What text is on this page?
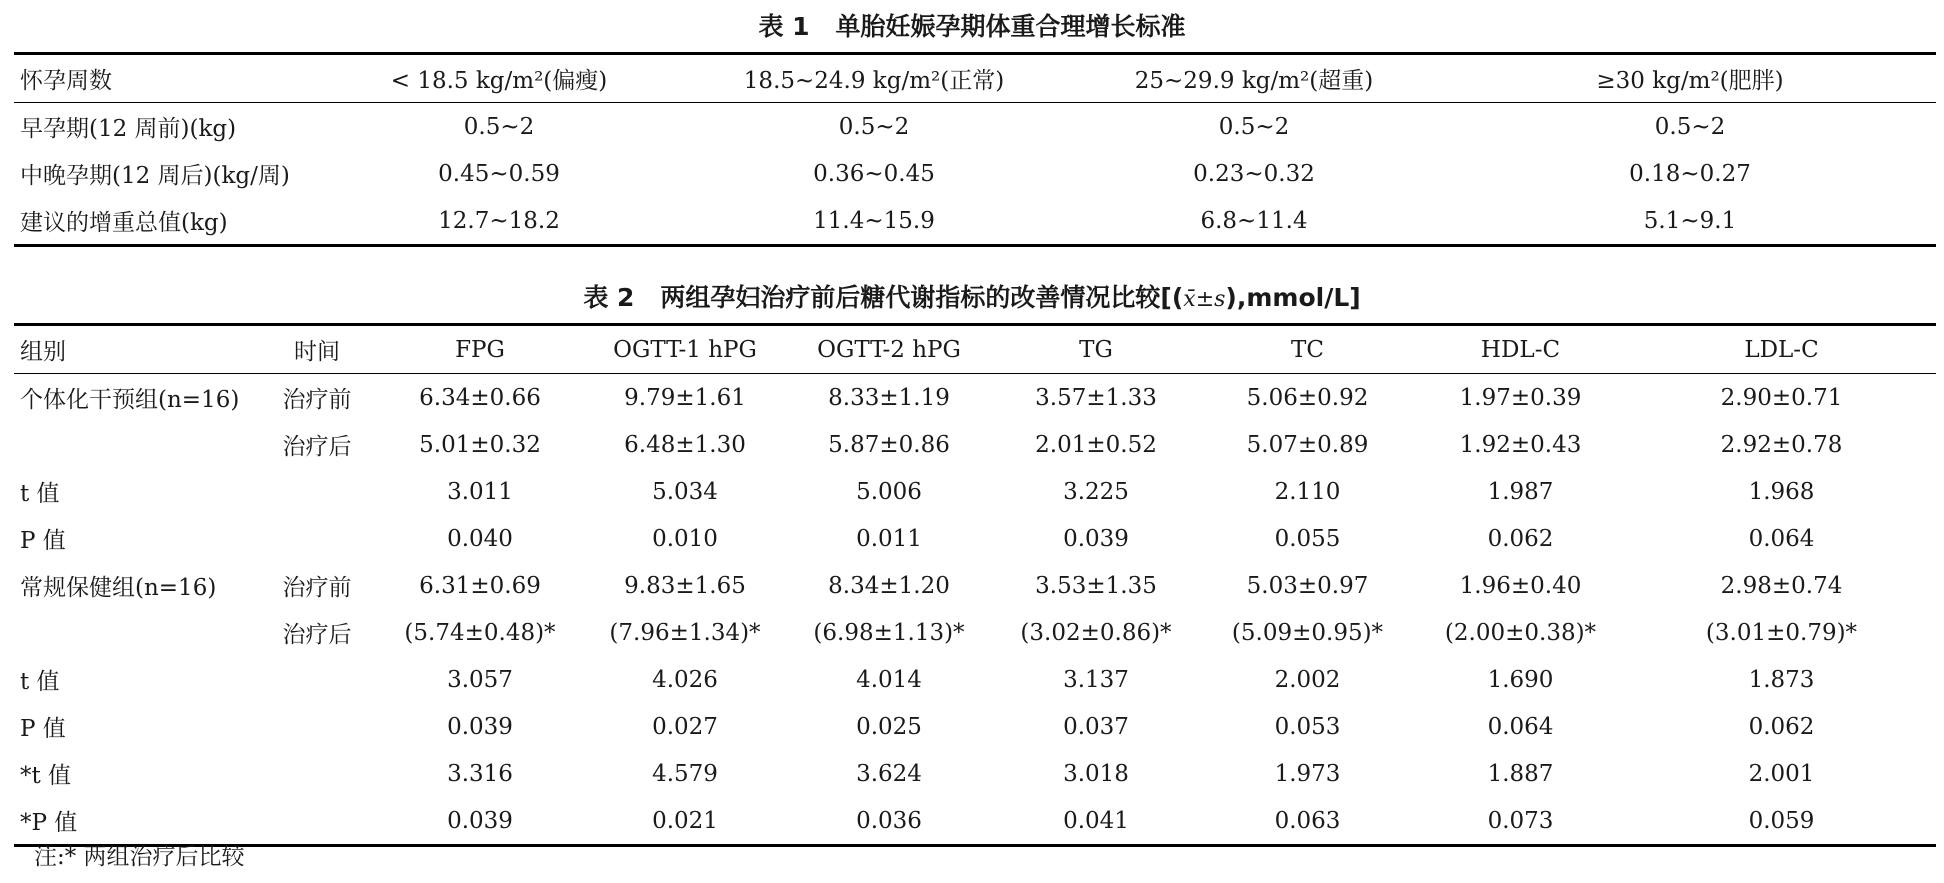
表 1 单胎妊娠孕期体重合理增长标准
怀孕周数	< 18.5 kg/m²(偏瘦)	18.5~24.9 kg/m²(正常)	25~29.9 kg/m²(超重)	≥30 kg/m²(肥胖)
早孕期(12 周前)(kg)	0.5~2	0.5~2	0.5~2	0.5~2
中晚孕期(12 周后)(kg/周)	0.45~0.59	0.36~0.45	0.23~0.32	0.18~0.27
建议的增重总值(kg)	12.7~18.2	11.4~15.9	6.8~11.4	5.1~9.1
表 2 两组孕妇治疗前后糖代谢指标的改善情况比较[(x̄±s),mmol/L]
组别	时间	FPG	OGTT-1 hPG	OGTT-2 hPG	TG	TC	HDL-C	LDL-C
个体化干预组(n=16)	治疗前	6.34±0.66	9.79±1.61	8.33±1.19	3.57±1.33	5.06±0.92	1.97±0.39	2.90±0.71
	治疗后	5.01±0.32	6.48±1.30	5.87±0.86	2.01±0.52	5.07±0.89	1.92±0.43	2.92±0.78
t 值		3.011	5.034	5.006	3.225	2.110	1.987	1.968
P 值		0.040	0.010	0.011	0.039	0.055	0.062	0.064
常规保健组(n=16)	治疗前	6.31±0.69	9.83±1.65	8.34±1.20	3.53±1.35	5.03±0.97	1.96±0.40	2.98±0.74
	治疗后	(5.74±0.48)*	(7.96±1.34)*	(6.98±1.13)*	(3.02±0.86)*	(5.09±0.95)*	(2.00±0.38)*	(3.01±0.79)*
t 值		3.057	4.026	4.014	3.137	2.002	1.690	1.873
P 值		0.039	0.027	0.025	0.037	0.053	0.064	0.062
*t 值		3.316	4.579	3.624	3.018	1.973	1.887	2.001
*P 值		0.039	0.021	0.036	0.041	0.063	0.073	0.059
注:* 两组治疗后比较
